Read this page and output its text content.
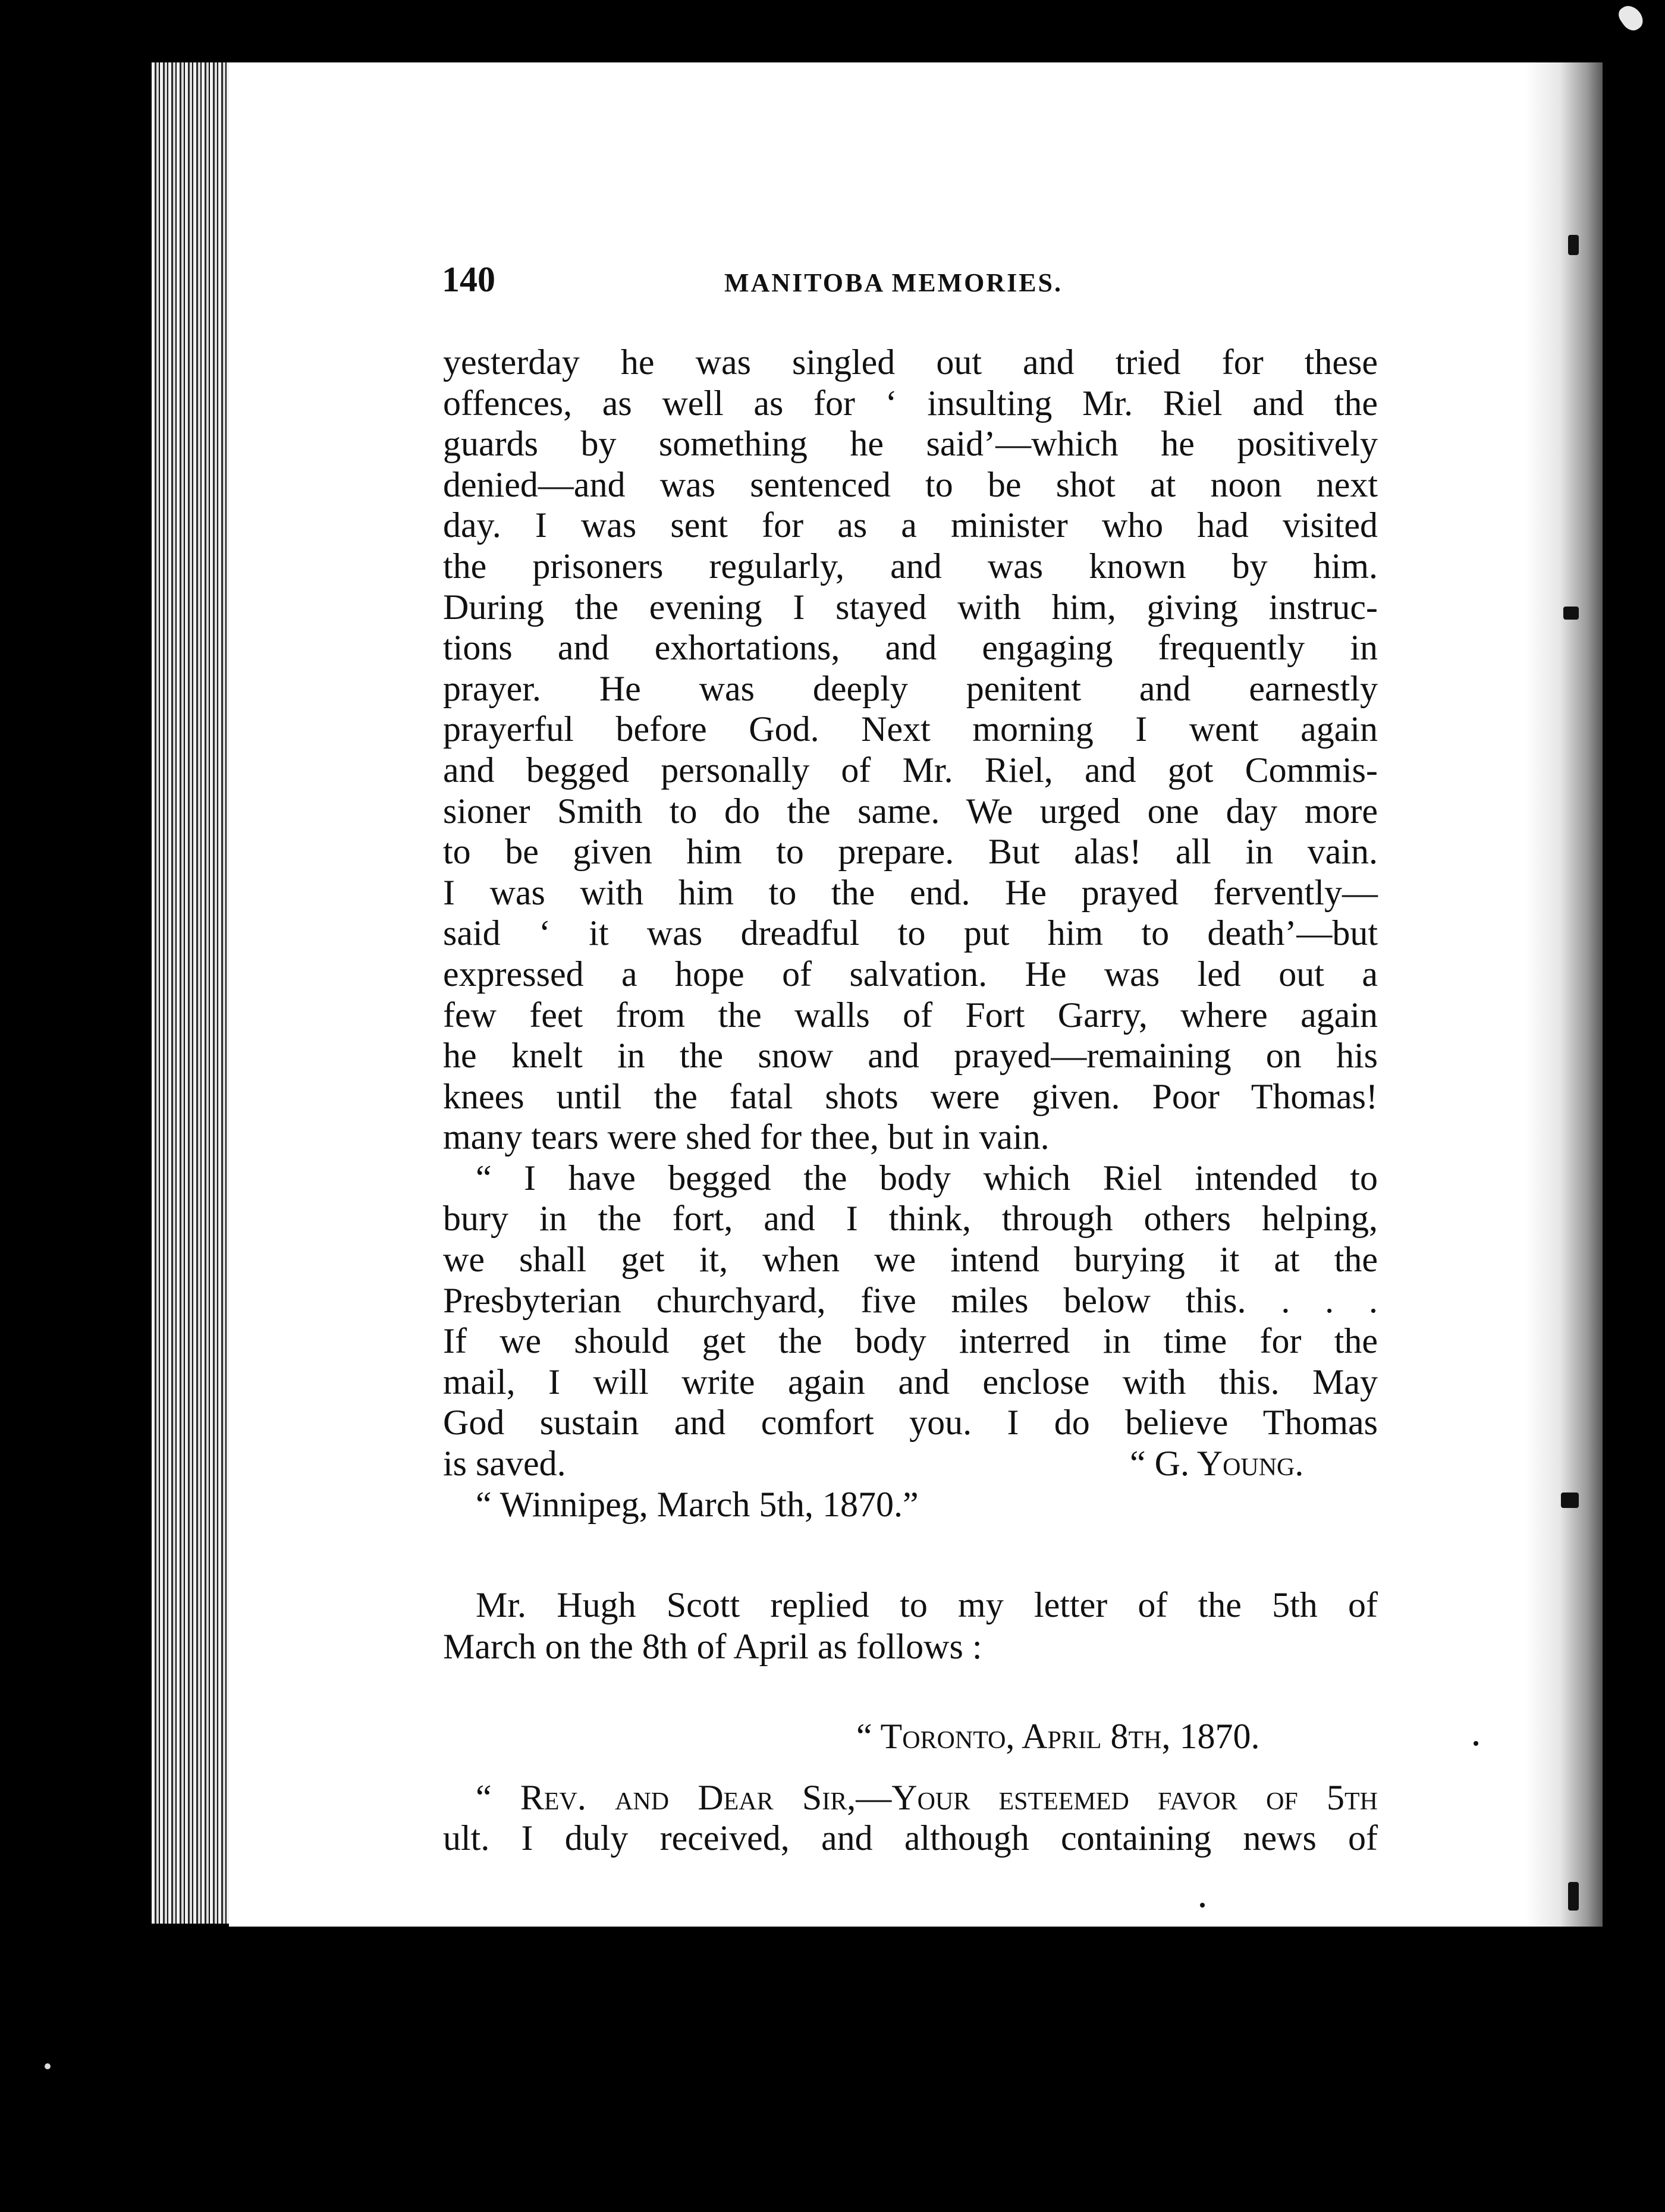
140	MANITOBA MEMORIES.
yesterday he was singled out and tried for these
offences, as well as for ‘ insulting Mr. Riel and the
guards by something he said’—which he positively
denied—and was sentenced to be shot at noon next
day. I was sent for as a minister who had visited
the prisoners regularly, and was known by him.
During the evening I stayed with him, giving instruc-
tions and exhortations, and engaging frequently in
prayer. He was deeply penitent and earnestly
prayerful before God. Next morning I went again
and begged personally of Mr. Riel, and got Commis-
sioner Smith to do the same. We urged one day more
to be given him to prepare. But alas! all in vain.
I was with him to the end. He prayed fervently—
said ‘ it was dreadful to put him to death’—but
expressed a hope of salvation. He was led out a
few feet from the walls of Fort Garry, where again
he knelt in the snow and prayed—remaining on his
knees until the fatal shots were given. Poor Thomas!
many tears were shed for thee, but in vain.
“ I have begged the body which Riel intended to
bury in the fort, and I think, through others helping,
we shall get it, when we intend burying it at the
Presbyterian churchyard, five miles below this. . . .
If we should get the body interred in time for the
mail, I will write again and enclose with this. May
God sustain and comfort you. I do believe Thomas
is saved.	“ G. Young.
“ Winnipeg, March 5th, 1870.”
Mr. Hugh Scott replied to my letter of the 5th of
March on the 8th of April as follows :
“ Toronto, April 8th, 1870.
“ Rev. and Dear Sir,—Your esteemed favor of 5th
ult. I duly received, and although containing news of
